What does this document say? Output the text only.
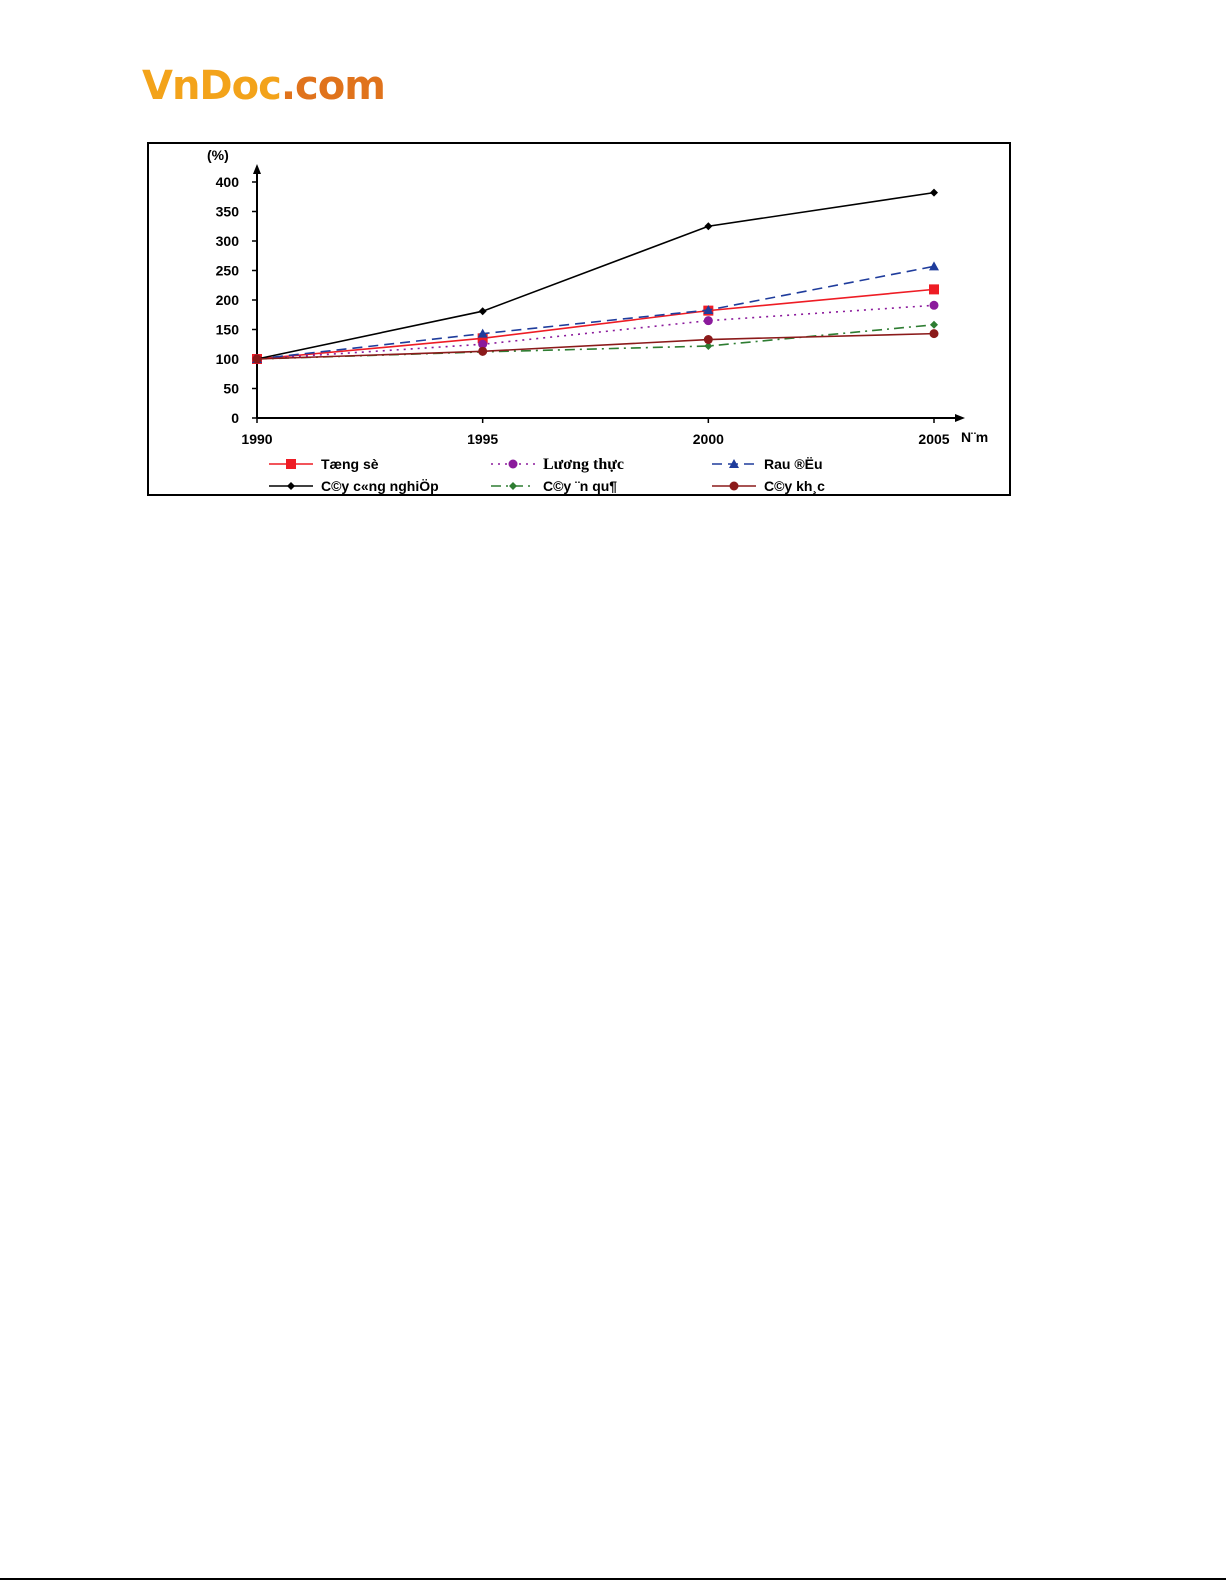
VnDoc.com
0
50
100
150
200
250
300
350
400
1990	1995	2000	2005
(%)
N¨m
Tæng sè	Lương thực	Rau ®Ëu
C©y c«ng nghiÖp	C©y ¨n qu¶	C©y kh¸c
